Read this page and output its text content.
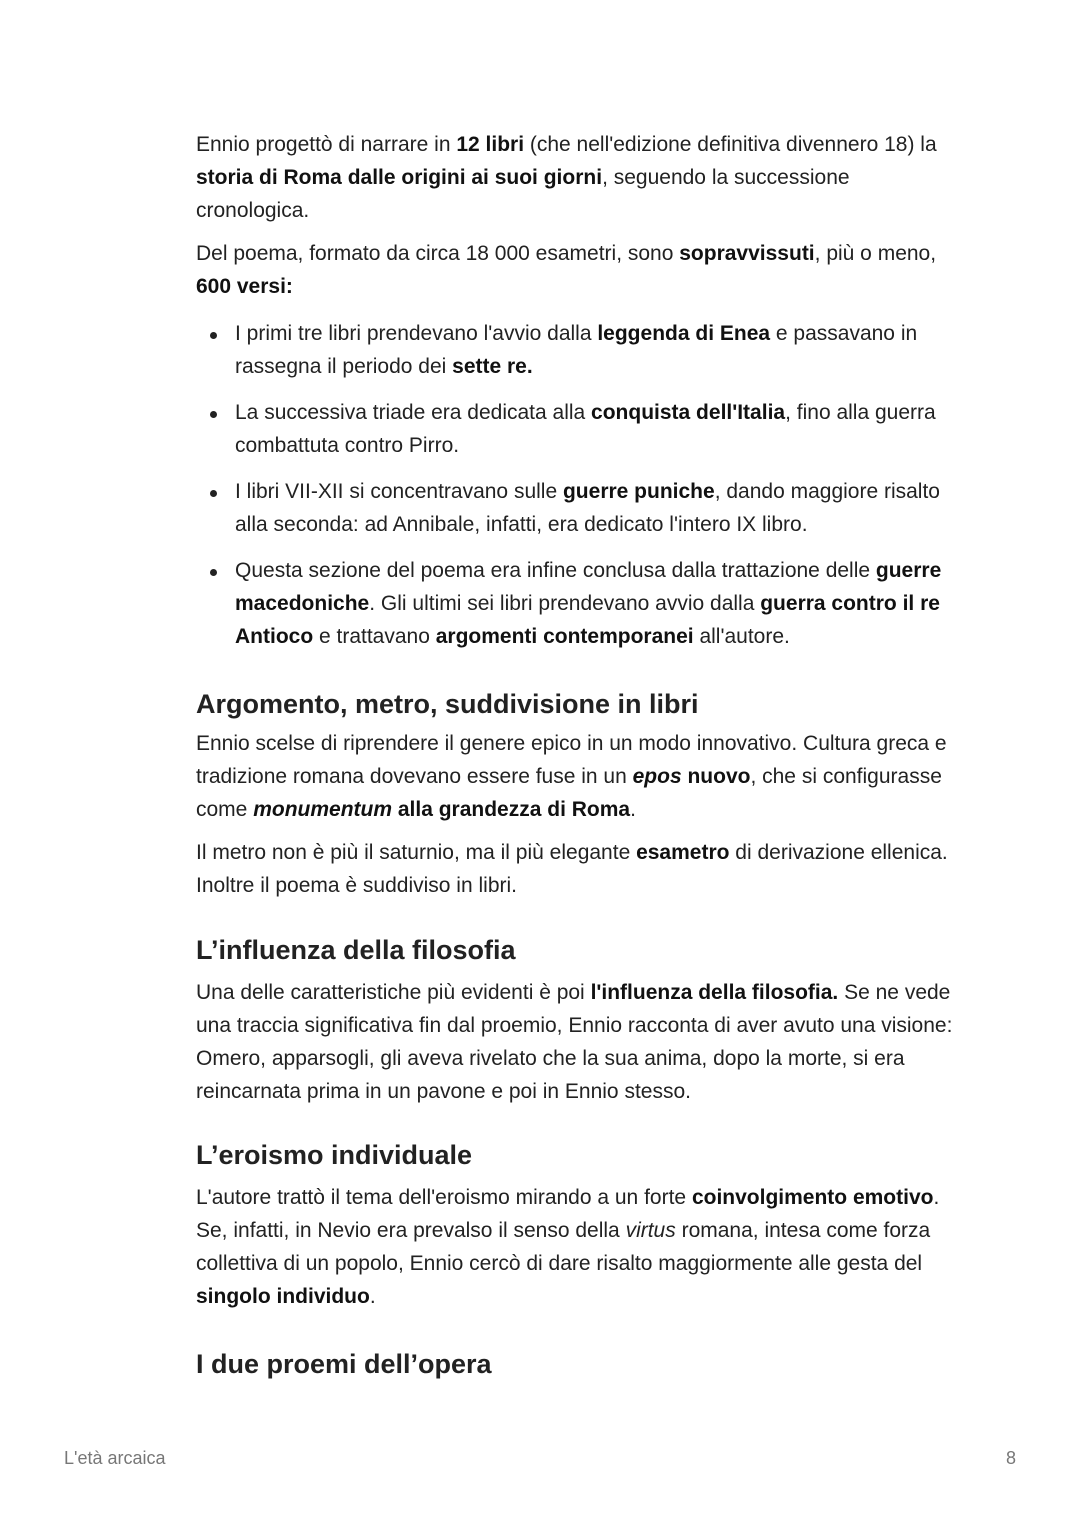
Ennio progettò di narrare in 12 libri (che nell'edizione definitiva divennero 18) la storia di Roma dalle origini ai suoi giorni, seguendo la successione cronologica.

Del poema, formato da circa 18 000 esametri, sono sopravvissuti, più o meno, 600 versi:

I primi tre libri prendevano l'avvio dalla leggenda di Enea e passavano in rassegna il periodo dei sette re.
La successiva triade era dedicata alla conquista dell'Italia, fino alla guerra combattuta contro Pirro.
I libri VII-XII si concentravano sulle guerre puniche, dando maggiore risalto alla seconda: ad Annibale, infatti, era dedicato l'intero IX libro.
Questa sezione del poema era infine conclusa dalla trattazione delle guerre macedoniche. Gli ultimi sei libri prendevano avvio dalla guerra contro il re Antioco e trattavano argomenti contemporanei all'autore.
Argomento, metro, suddivisione in libri

Ennio scelse di riprendere il genere epico in un modo innovativo. Cultura greca e tradizione romana dovevano essere fuse in un epos nuovo, che si configurasse come monumentum alla grandezza di Roma.

Il metro non è più il saturnio, ma il più elegante esametro di derivazione ellenica. Inoltre il poema è suddiviso in libri.

L’influenza della filosofia

Una delle caratteristiche più evidenti è poi l'influenza della filosofia. Se ne vede una traccia significativa fin dal proemio, Ennio racconta di aver avuto una visione: Omero, apparsogli, gli aveva rivelato che la sua anima, dopo la morte, si era reincarnata prima in un pavone e poi in Ennio stesso.

L’eroismo individuale

L'autore trattò il tema dell'eroismo mirando a un forte coinvolgimento emotivo. Se, infatti, in Nevio era prevalso il senso della virtus romana, intesa come forza collettiva di un popolo, Ennio cercò di dare risalto maggiormente alle gesta del singolo individuo.

I due proemi dell’opera
L'età arcaica	8
